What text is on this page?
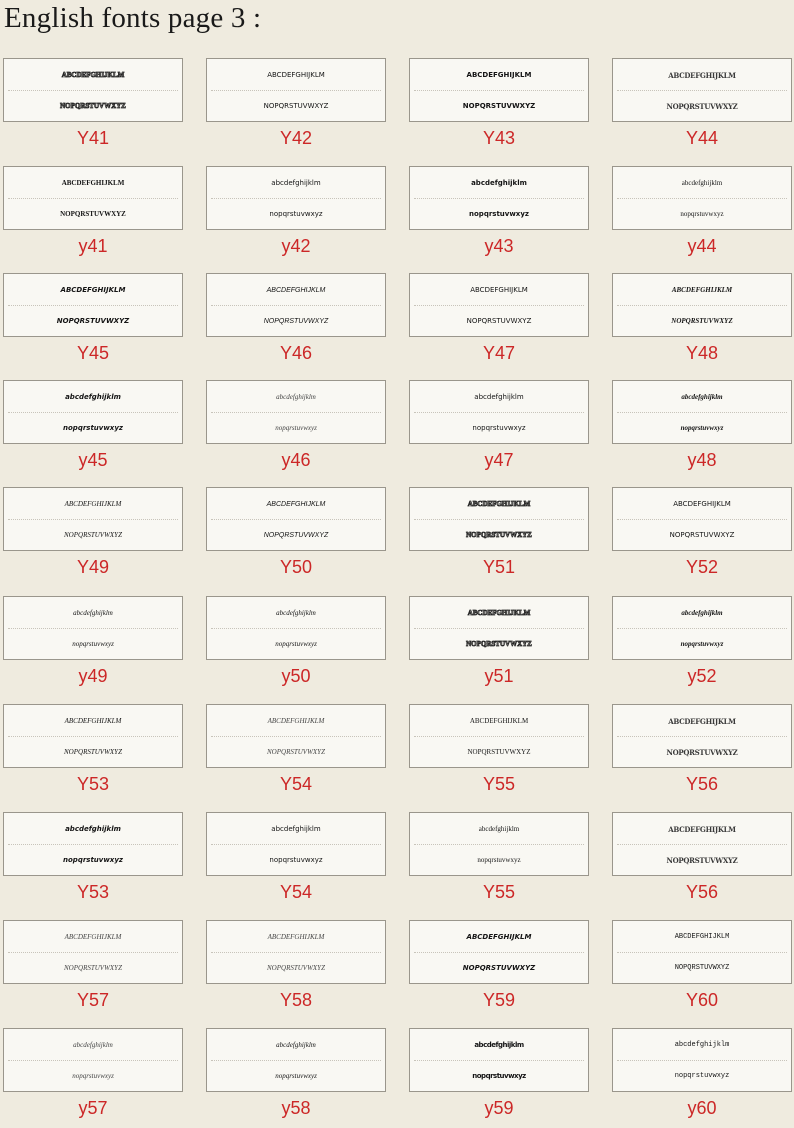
English fonts page 3 :
ABCDEFGHIJKLM
NOPQRSTUVWXYZ
Y41
ABCDEFGHIJKLM
NOPQRSTUVWXYZ
Y42
ABCDEFGHIJKLM
NOPQRSTUVWXYZ
Y43
ABCDEFGHIJKLM
NOPQRSTUVWXYZ
Y44
ABCDEFGHIJKLM
NOPQRSTUVWXYZ
y41
abcdefghijklm
nopqrstuvwxyz
y42
abcdefghijklm
nopqrstuvwxyz
y43
abcdefghijklm
nopqrstuvwxyz
y44
ABCDEFGHIJKLM
NOPQRSTUVWXYZ
Y45
ABCDEFGHIJKLM
NOPQRSTUVWXYZ
Y46
ABCDEFGHIJKLM
NOPQRSTUVWXYZ
Y47
ABCDEFGHIJKLM
NOPQRSTUVWXYZ
Y48
abcdefghijklm
nopqrstuvwxyz
y45
abcdefghijklm
nopqrstuvwxyz
y46
abcdefghijklm
nopqrstuvwxyz
y47
abcdefghijklm
nopqrstuvwxyz
y48
ABCDEFGHIJKLM
NOPQRSTUVWXYZ
Y49
ABCDEFGHIJKLM
NOPQRSTUVWXYZ
Y50
ABCDEFGHIJKLM
NOPQRSTUVWXYZ
Y51
ABCDEFGHIJKLM
NOPQRSTUVWXYZ
Y52
abcdefghijklm
nopqrstuvwxyz
y49
abcdefghijklm
nopqrstuvwxyz
y50
ABCDEFGHIJKLM
NOPQRSTUVWXYZ
y51
abcdefghijklm
nopqrstuvwxyz
y52
ABCDEFGHIJKLM
NOPQRSTUVWXYZ
Y53
ABCDEFGHIJKLM
NOPQRSTUVWXYZ
Y54
ABCDEFGHIJKLM
NOPQRSTUVWXYZ
Y55
ABCDEFGHIJKLM
NOPQRSTUVWXYZ
Y56
abcdefghijklm
nopqrstuvwxyz
Y53
abcdefghijklm
nopqrstuvwxyz
Y54
abcdefghijklm
nopqrstuvwxyz
Y55
ABCDEFGHIJKLM
NOPQRSTUVWXYZ
Y56
ABCDEFGHIJKLM
NOPQRSTUVWXYZ
Y57
ABCDEFGHIJKLM
NOPQRSTUVWXYZ
Y58
ABCDEFGHIJKLM
NOPQRSTUVWXYZ
Y59
ABCDEFGHIJKLM
NOPQRSTUVWXYZ
Y60
abcdefghijklm
nopqrstuvwxyz
y57
abcdefghijklm
nopqrstuvwxyz
y58
abcdefghijklm
nopqrstuvwxyz
y59
abcdefghijklm
nopqrstuvwxyz
y60
